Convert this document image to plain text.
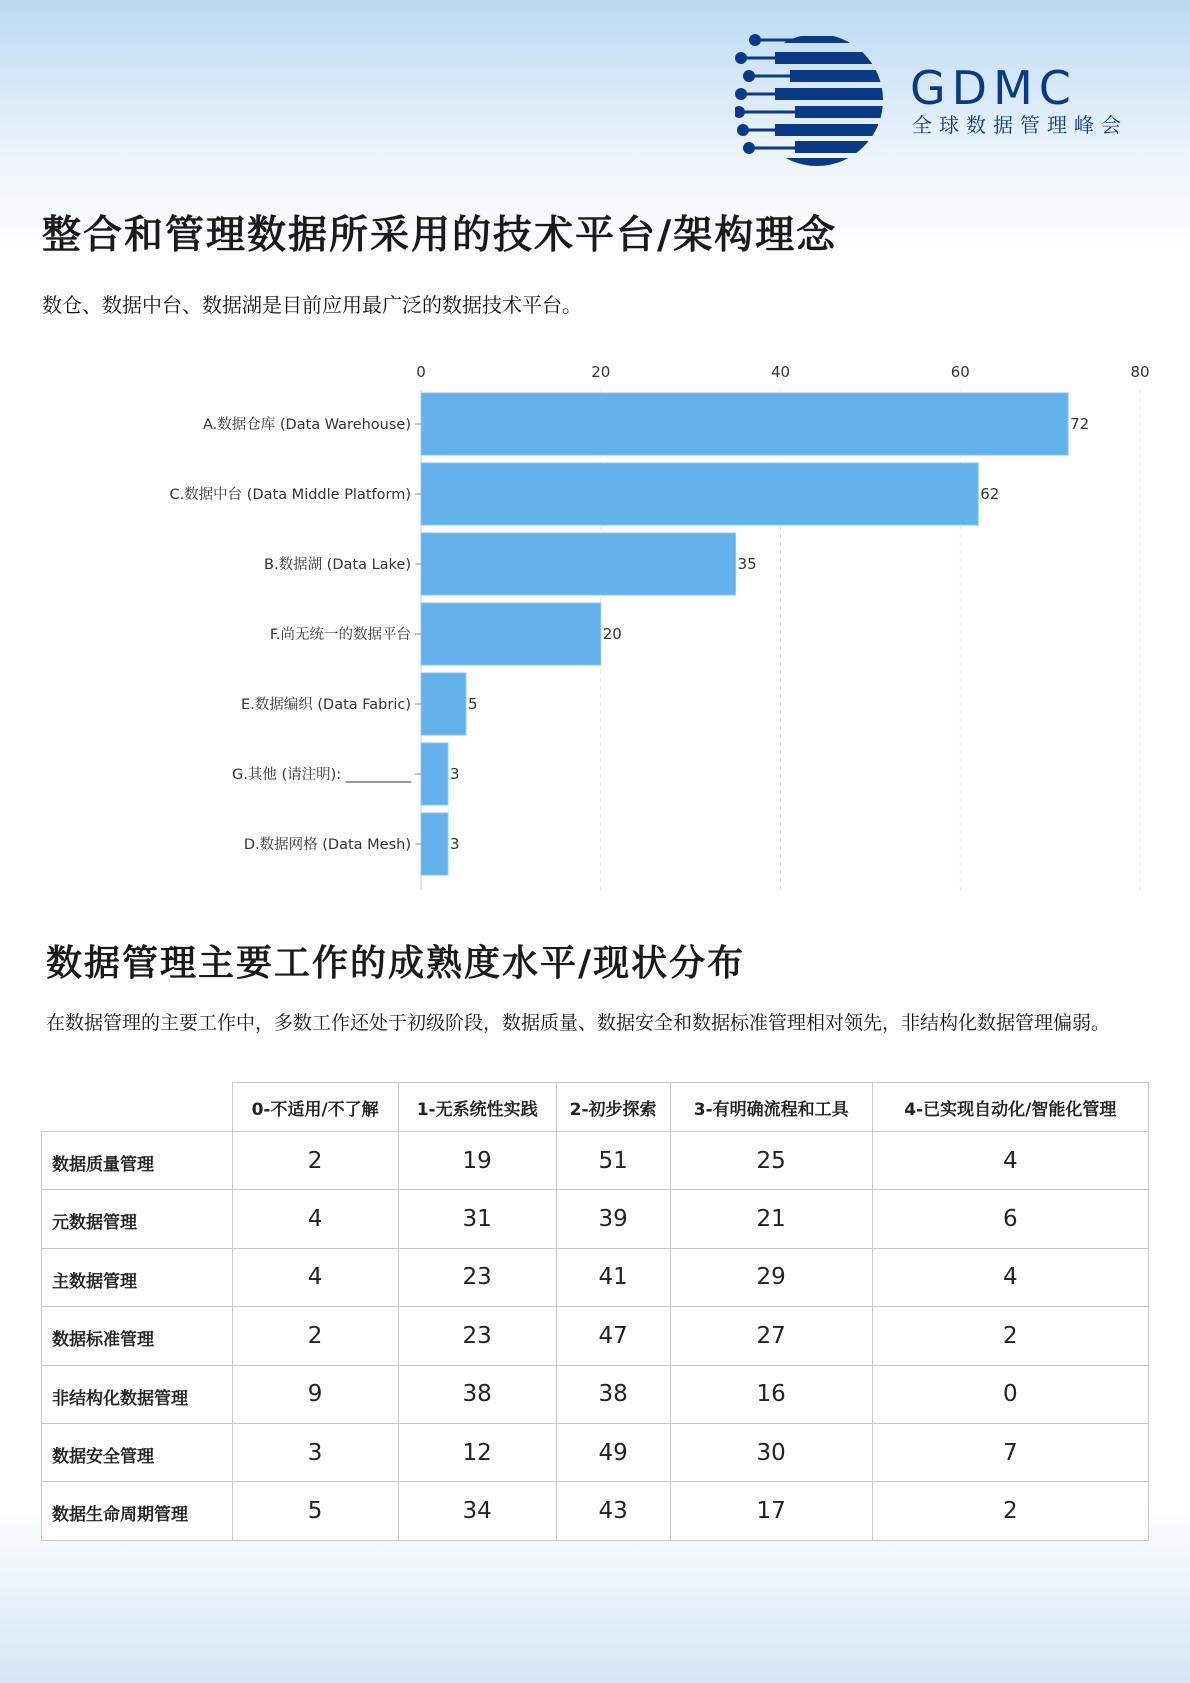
GDMC
全球数据管理峰会
整合和管理数据所采用的技术平台/架构理念
数仓、数据中台、数据湖是目前应用最广泛的数据技术平台。
0	20	40	60	80
A.数据仓库 (Data Warehouse)	72
C.数据中台 (Data Middle Platform)	62
B.数据湖 (Data Lake)	35
F.尚无统一的数据平台	20
E.数据编织 (Data Fabric)	5
G.其他 (请注明): _________	3
D.数据网格 (Data Mesh)	3
数据管理主要工作的成熟度水平/现状分布
在数据管理的主要工作中，多数工作还处于初级阶段，数据质量、数据安全和数据标准管理相对领先，非结构化数据管理偏弱。
	0-不适用/不了解	1-无系统性实践	2-初步探索	3-有明确流程和工具	4-已实现自动化/智能化管理
数据质量管理	2	19	51	25	4
元数据管理	4	31	39	21	6
主数据管理	4	23	41	29	4
数据标准管理	2	23	47	27	2
非结构化数据管理	9	38	38	16	0
数据安全管理	3	12	49	30	7
数据生命周期管理	5	34	43	17	2
